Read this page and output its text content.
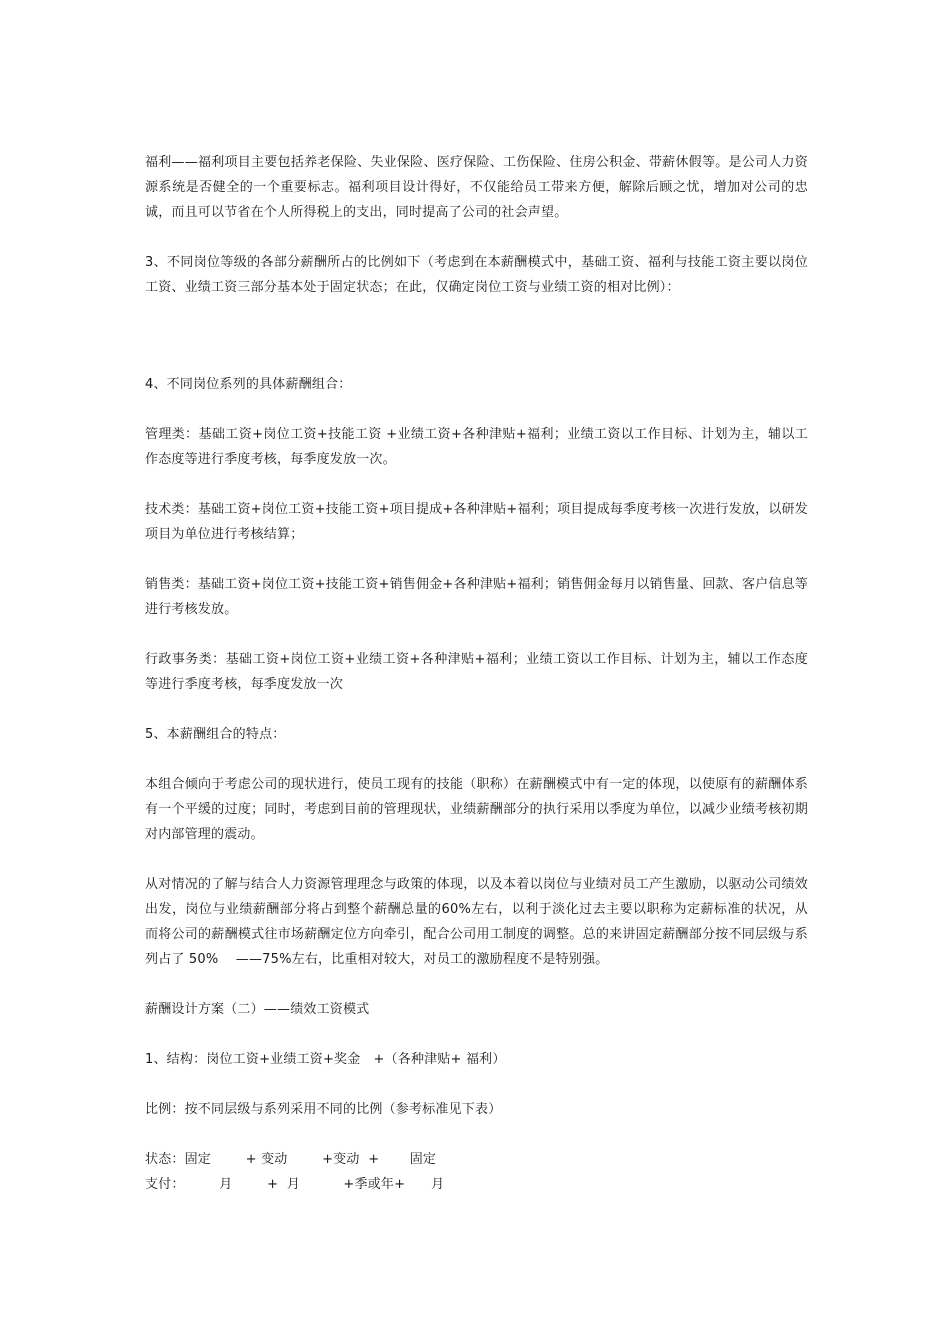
福利——福利项目主要包括养老保险、失业保险、医疗保险、工伤保险、住房公积金、带薪休假等。是公司人力资源系统是否健全的一个重要标志。福利项目设计得好，不仅能给员工带来方便，解除后顾之忧，增加对公司的忠诚，而且可以节省在个人所得税上的支出，同时提高了公司的社会声望。

3、不同岗位等级的各部分薪酬所占的比例如下（考虑到在本薪酬模式中，基础工资、福利与技能工资主要以岗位工资、业绩工资三部分基本处于固定状态；在此，仅确定岗位工资与业绩工资的相对比例）：

4、不同岗位系列的具体薪酬组合：

管理类：基础工资+岗位工资+技能工资 +业绩工资+各种津贴+福利；业绩工资以工作目标、计划为主，辅以工作态度等进行季度考核，每季度发放一次。

技术类：基础工资+岗位工资+技能工资+项目提成+各种津贴+福利；项目提成每季度考核一次进行发放，以研发项目为单位进行考核结算；

销售类：基础工资+岗位工资+技能工资+销售佣金+各种津贴+福利；销售佣金每月以销售量、回款、客户信息等进行考核发放。

行政事务类：基础工资+岗位工资+业绩工资+各种津贴+福利；业绩工资以工作目标、计划为主，辅以工作态度等进行季度考核，每季度发放一次

5、本薪酬组合的特点：

本组合倾向于考虑公司的现状进行，使员工现有的技能（职称）在薪酬模式中有一定的体现，以使原有的薪酬体系有一个平缓的过度；同时，考虑到目前的管理现状，业绩薪酬部分的执行采用以季度为单位，以减少业绩考核初期对内部管理的震动。

从对情况的了解与结合人力资源管理理念与政策的体现，以及本着以岗位与业绩对员工产生激励，以驱动公司绩效出发，岗位与业绩薪酬部分将占到整个薪酬总量的60%左右，以利于淡化过去主要以职称为定薪标准的状况，从而将公司的薪酬模式往市场薪酬定位方向牵引，配合公司用工制度的调整。总的来讲固定薪酬部分按不同层级与系列占了 50%    ——75%左右，比重相对较大，对员工的激励程度不是特别强。

薪酬设计方案（二）——绩效工资模式

1、结构：岗位工资+业绩工资+奖金   +（各种津贴+ 福利）

比例：按不同层级与系列采用不同的比例（参考标准见下表）

状态：固定        + 变动        +变动  +       固定

支付：        月        +  月          +季或年+      月
